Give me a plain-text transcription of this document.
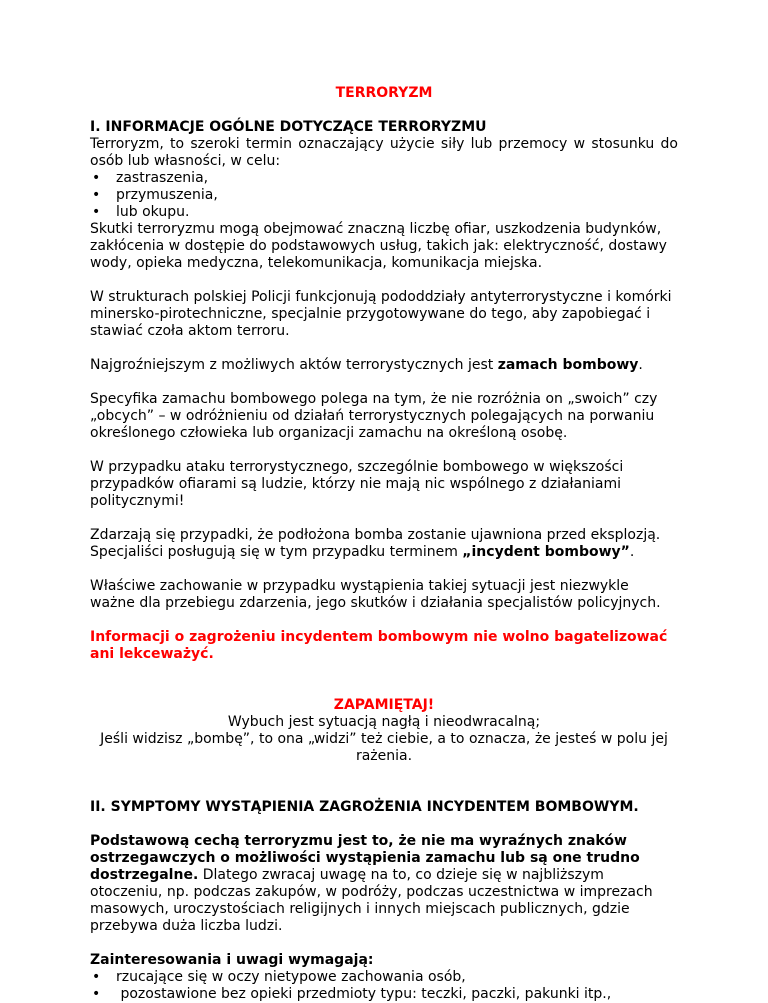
TERRORYZM

I. INFORMACJE OGÓLNE DOTYCZĄCE TERRORYZMU

Terroryzm, to szeroki termin oznaczający użycie siły lub przemocy w stosunku do osób lub własności, w celu:

•	zastraszenia,
•	przymuszenia,
•	lub okupu.

Skutki terroryzmu mogą obejmować znaczną liczbę ofiar, uszkodzenia budynków, zakłócenia w dostępie do podstawowych usług, takich jak: elektryczność, dostawy wody, opieka medyczna, telekomunikacja, komunikacja miejska.

W strukturach polskiej Policji funkcjonują pododdziały antyterrorystyczne i komórki minersko-pirotechniczne, specjalnie przygotowywane do tego, aby zapobiegać i stawiać czoła aktom terroru.

Najgroźniejszym z możliwych aktów terrorystycznych jest zamach bombowy.

Specyfika zamachu bombowego polega na tym, że nie rozróżnia on „swoich” czy „obcych” – w odróżnieniu od działań terrorystycznych polegających na porwaniu określonego człowieka lub organizacji zamachu na określoną osobę.

W przypadku ataku terrorystycznego, szczególnie bombowego w większości przypadków ofiarami są ludzie, którzy nie mają nic wspólnego z działaniami politycznymi!

Zdarzają się przypadki, że podłożona bomba zostanie ujawniona przed eksplozją. Specjaliści posługują się w tym przypadku terminem „incydent bombowy”.

Właściwe zachowanie w przypadku wystąpienia takiej sytuacji jest niezwykle ważne dla przebiegu zdarzenia, jego skutków i działania specjalistów policyjnych.

Informacji o zagrożeniu incydentem bombowym nie wolno bagatelizować ani lekceważyć.

ZAPAMIĘTAJ!

Wybuch jest sytuacją nagłą i nieodwracalną;

Jeśli widzisz „bombę”, to ona „widzi” też ciebie, a to oznacza, że jesteś w polu jej rażenia.

II. SYMPTOMY WYSTĄPIENIA ZAGROŻENIA INCYDENTEM BOMBOWYM.

Podstawową cechą terroryzmu jest to, że nie ma wyraźnych znaków ostrzegawczych o możliwości wystąpienia zamachu lub są one trudno dostrzegalne. Dlatego zwracaj uwagę na to, co dzieje się w najbliższym otoczeniu, np. podczas zakupów, w podróży, podczas uczestnictwa w imprezach masowych, uroczystościach religijnych i innych miejscach publicznych, gdzie przebywa duża liczba ludzi.

Zainteresowania i uwagi wymagają:

•	rzucające się w oczy nietypowe zachowania osób,
•	pozostawione bez opieki przedmioty typu: teczki, paczki, pakunki itp.,
